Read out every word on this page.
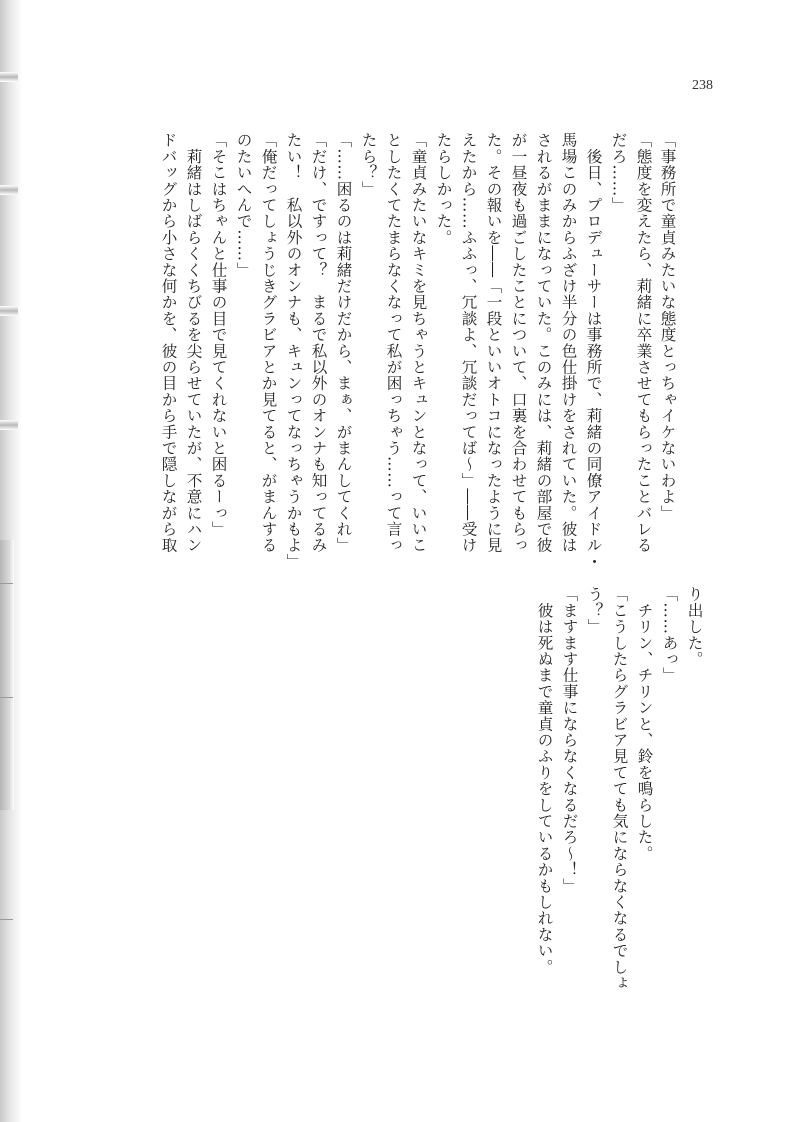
238
「事務所で童貞みたいな態度とっちゃイケないわよ」
「態度を変えたら、莉緒に卒業させてもらったことバレる
だろ……」
　後日、プロデューサーは事務所で、莉緒の同僚アイドル・
馬場このみからふざけ半分の色仕掛けをされていた。彼は
されるがままになっていた。このみには、莉緒の部屋で彼
が一昼夜も過ごしたことについて、口裏を合わせてもらっ
た。その報いを――「一段といいオトコになったように見
えたから……ふふっ、冗談よ、冗談だってば〜」――受け
たらしかった。
「童貞みたいなキミを見ちゃうとキュンとなって、いいこ
としたくてたまらなくなって私が困っちゃう……って言っ
たら？」
「……困るのは莉緒だけだから、まぁ、がまんしてくれ」
「だけ、ですって？　まるで私以外のオンナも知ってるみ
たい！　私以外のオンナも、キュンってなっちゃうかもよ」
「俺だってしょうじきグラビアとか見てると、がまんする
のたいへんで……」
「そこはちゃんと仕事の目で見てくれないと困るーっ」
　莉緒はしばらくくちびるを尖らせていたが、不意にハン
ドバッグから小さな何かを、彼の目から手で隠しながら取
り出した。
「……あっ」
　チリン、チリンと、鈴を鳴らした。
「こうしたらグラビア見てても気にならなくなるでしょ
う？」
「ますます仕事にならなくなるだろ〜！」
　彼は死ぬまで童貞のふりをしているかもしれない。
